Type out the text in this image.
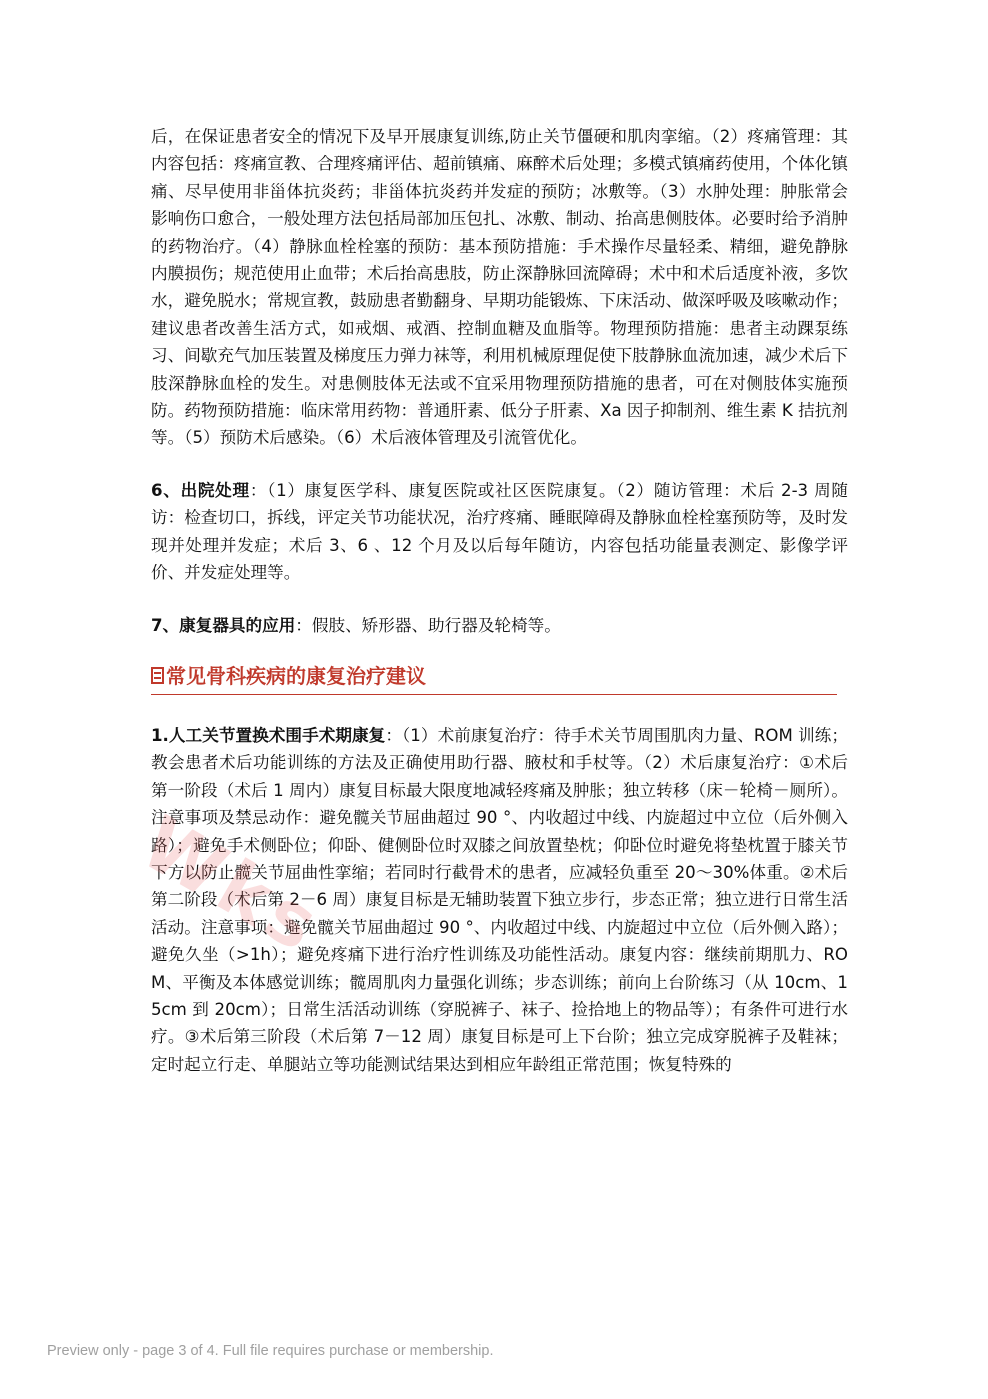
后，在保证患者安全的情况下及早开展康复训练,防止关节僵硬和肌肉挛缩。（2）疼痛管理：其内容包括：疼痛宣教、合理疼痛评估、超前镇痛、麻醉术后处理；多模式镇痛药使用，个体化镇痛、尽早使用非甾体抗炎药；非甾体抗炎药并发症的预防；冰敷等。（3）水肿处理：肿胀常会影响伤口愈合，一般处理方法包括局部加压包扎、冰敷、制动、抬高患侧肢体。必要时给予消肿的药物治疗。（4）静脉血栓栓塞的预防：基本预防措施：手术操作尽量轻柔、精细，避免静脉内膜损伤；规范使用止血带；术后抬高患肢，防止深静脉回流障碍；术中和术后适度补液，多饮水，避免脱水；常规宣教，鼓励患者勤翻身、早期功能锻炼、下床活动、做深呼吸及咳嗽动作；建议患者改善生活方式，如戒烟、戒酒、控制血糖及血脂等。物理预防措施：患者主动踝泵练习、间歇充气加压装置及梯度压力弹力袜等，利用机械原理促使下肢静脉血流加速，减少术后下肢深静脉血栓的发生。对患侧肢体无法或不宜采用物理预防措施的患者，可在对侧肢体实施预防。药物预防措施：临床常用药物：普通肝素、低分子肝素、Xa 因子抑制剂、维生素 K 拮抗剂等。（5）预防术后感染。（6）术后液体管理及引流管优化。

6、出院处理：（1）康复医学科、康复医院或社区医院康复。（2）随访管理：术后 2-3 周随访：检查切口，拆线，评定关节功能状况，治疗疼痛、睡眠障碍及静脉血栓栓塞预防等，及时发现并处理并发症；术后 3、6 、12 个月及以后每年随访，内容包括功能量表测定、影像学评价、并发症处理等。

7、康复器具的应用：假肢、矫形器、助行器及轮椅等。

常见骨科疾病的康复治疗建议

1.人工关节置换术围手术期康复：（1）术前康复治疗：待手术关节周围肌肉力量、ROM 训练；教会患者术后功能训练的方法及正确使用助行器、腋杖和手杖等。（2）术后康复治疗：①术后第一阶段（术后 1 周内）康复目标最大限度地减轻疼痛及肿胀；独立转移（床－轮椅－厕所）。注意事项及禁忌动作：避免髋关节屈曲超过 90 °、内收超过中线、内旋超过中立位（后外侧入路）；避免手术侧卧位；仰卧、健侧卧位时双膝之间放置垫枕；仰卧位时避免将垫枕置于膝关节下方以防止髋关节屈曲性挛缩；若同时行截骨术的患者，应减轻负重至 20～30%体重。②术后第二阶段（术后第 2－6 周）康复目标是无辅助装置下独立步行，步态正常；独立进行日常生活活动。注意事项：避免髋关节屈曲超过 90 °、内收超过中线、内旋超过中立位（后外侧入路）；避免久坐（>1h）；避免疼痛下进行治疗性训练及功能性活动。康复内容：继续前期肌力、ROM、平衡及本体感觉训练；髋周肌肉力量强化训练；步态训练；前向上台阶练习（从 10cm、15cm 到 20cm）；日常生活活动训练（穿脱裤子、袜子、捡拾地上的物品等）；有条件可进行水疗。③术后第三阶段（术后第 7－12 周）康复目标是可上下台阶；独立完成穿脱裤子及鞋袜；定时起立行走、单腿站立等功能测试结果达到相应年龄组正常范围；恢复特殊的

Wks
Preview only - page 3 of 4. Full file requires purchase or membership.
